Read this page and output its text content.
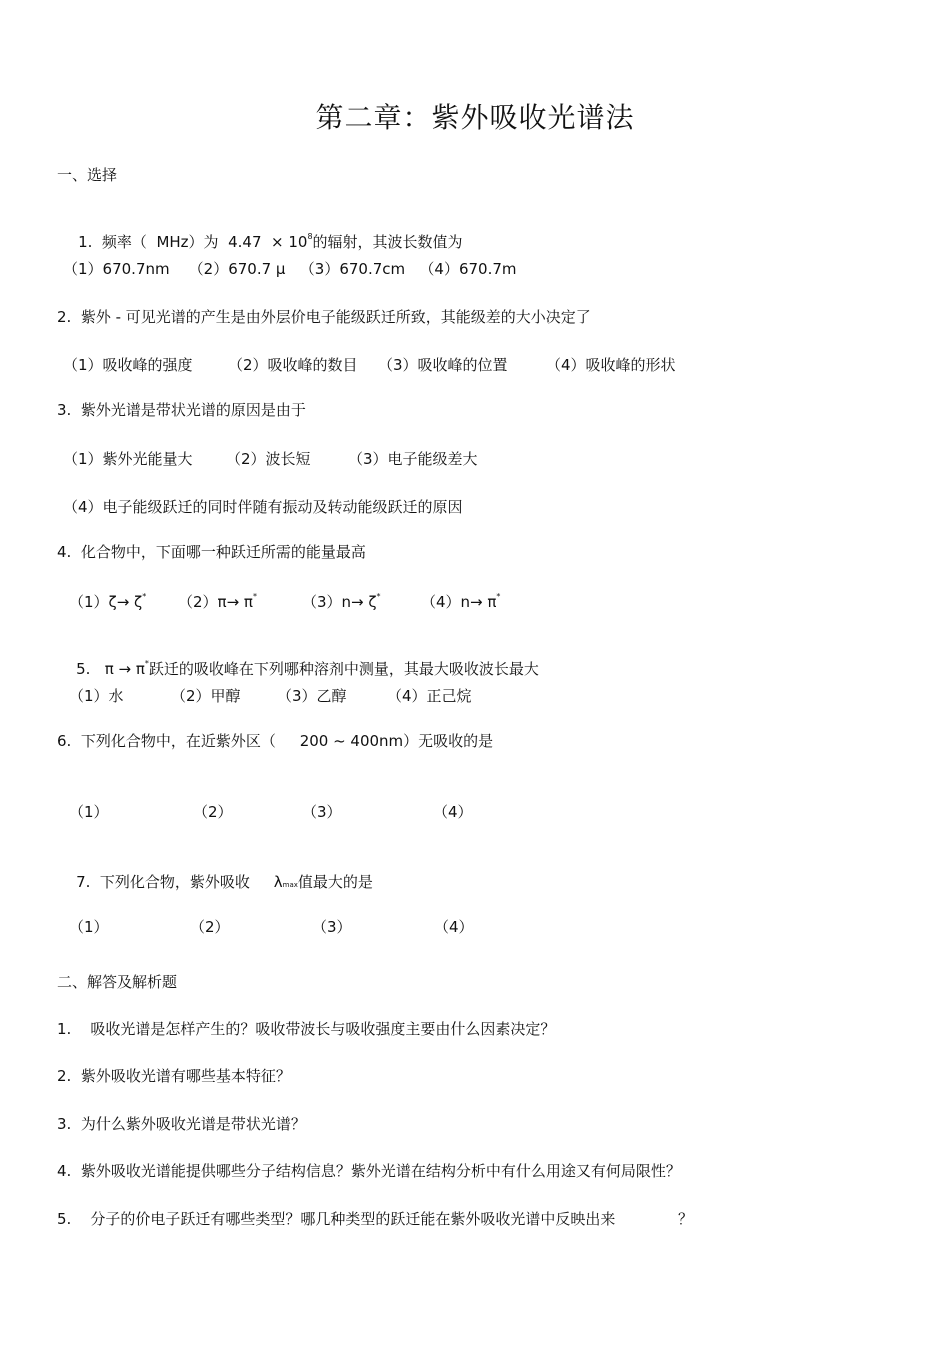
第二章：紫外吸收光谱法
一、选择

1.  频率（  MHz）为  $4.47 \times 10^8$的辐射，其波长数值为

（1）670.7nm    （2）670.7 μ   （3）670.7cm   （4）670.7m
2.  紫外 - 可见光谱的产生是由外层价电子能级跃迁所致，其能级差的大小决定了
（1）吸收峰的强度 （2）吸收峰的数目 （3）吸收峰的位置	（4）吸收峰的形状
3.  紫外光谱是带状光谱的原因是由于
（1）紫外光能量大 （2）波长短 （3）电子能级差大
（4）电子能级跃迁的同时伴随有振动及转动能级跃迁的原因
4.  化合物中，下面哪一种跃迁所需的能量最高
（1）ζ→ ζ* （2）π→ π*	（3）n→ ζ*	（4）n→ π*

5.   π → π*跃迁的吸收峰在下列哪种溶剂中测量，其最大吸收波长最大

（1）水	（2）甲醇 （3）乙醇	（4）正己烷
6.  下列化合物中，在近紫外区（     200 ~ 400nm）无吸收的是
（1）	（2）	（3）	（4）

7.  下列化合物，紫外吸收     λmax值最大的是

（1）	（2）	（3）	（4）
二、解答及解析题
1.    吸收光谱是怎样产生的？吸收带波长与吸收强度主要由什么因素决定？
2.  紫外吸收光谱有哪些基本特征？
3.  为什么紫外吸收光谱是带状光谱？
4.  紫外吸收光谱能提供哪些分子结构信息？紫外光谱在结构分析中有什么用途又有何局限性？
5.    分子的价电子跃迁有哪些类型？哪几种类型的跃迁能在紫外吸收光谱中反映出来	？
